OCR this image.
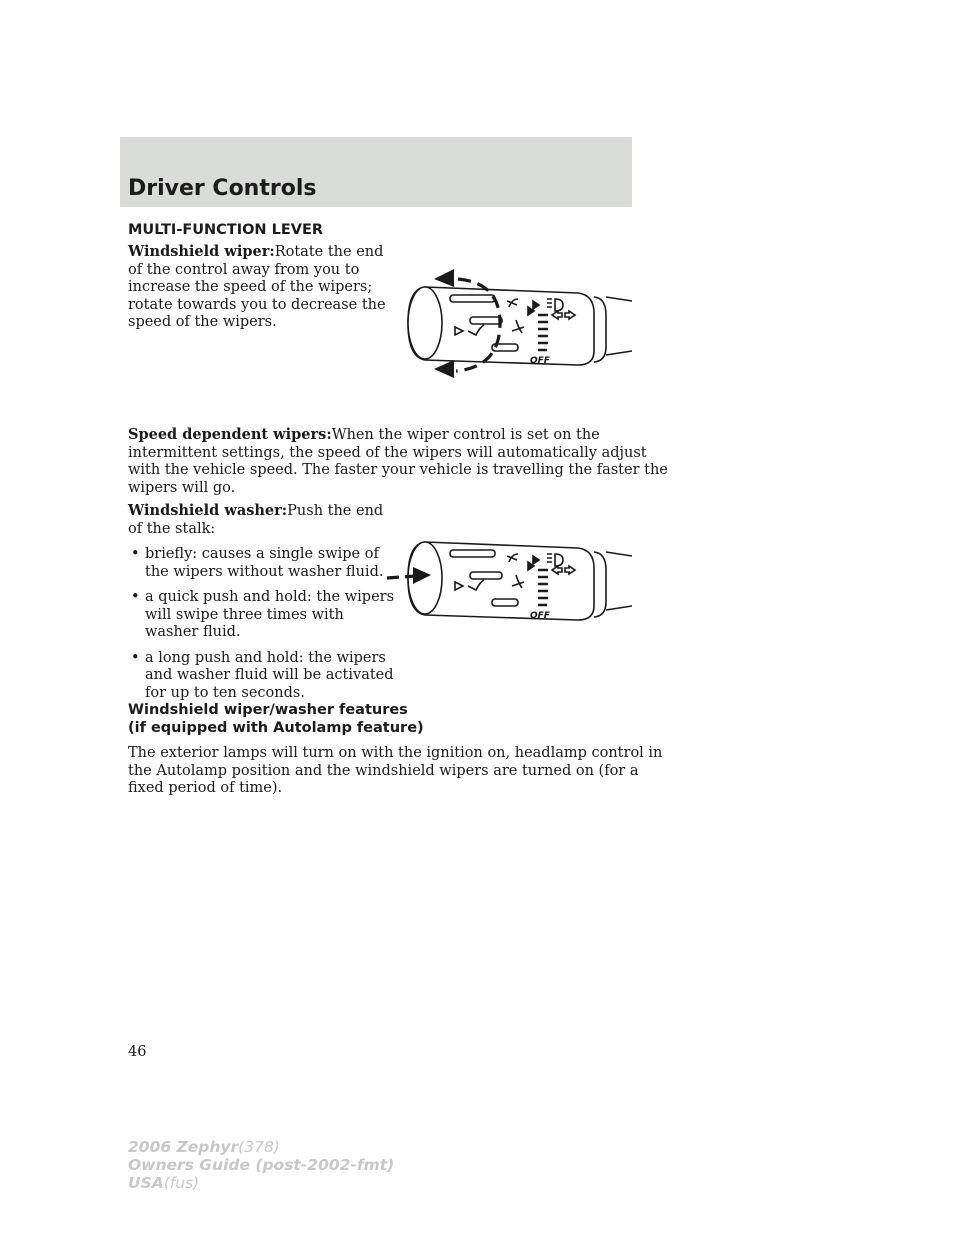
Driver Controls
MULTI-FUNCTION LEVER

Windshield wiper:Rotate the end
of the control away from you to
increase the speed of the wipers;
rotate towards you to decrease the
speed of the wipers.

Speed dependent wipers:When the wiper control is set on the
intermittent settings, the speed of the wipers will automatically adjust
with the vehicle speed. The faster your vehicle is travelling the faster the
wipers will go.

Windshield washer:Push the end
of the stalk:

• briefly: causes a single swipe of
the wipers without washer fluid.
• a quick push and hold: the wipers
will swipe three times with
washer fluid.
• a long push and hold: the wipers
and washer fluid will be activated
for up to ten seconds.
Windshield wiper/washer features
(if equipped with Autolamp feature)

The exterior lamps will turn on with the ignition on, headlamp control in
the Autolamp position and the windshield wipers are turned on (for a
fixed period of time).

OFF
OFF

46

2006 Zephyr(378)
Owners Guide (post-2002-fmt)
USA(fus)
